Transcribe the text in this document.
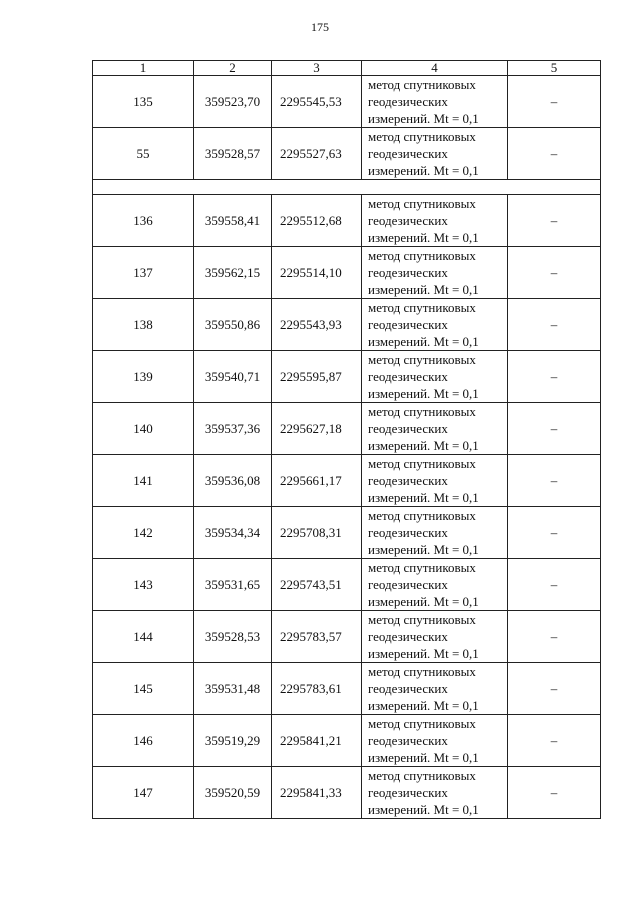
175
1	2	3	4	5
135	359523,70	2295545,53	метод спутниковых
геодезических
измерений. Mt = 0,1	–
55	359528,57	2295527,63	метод спутниковых
геодезических
измерений. Mt = 0,1	–

136	359558,41	2295512,68	метод спутниковых
геодезических
измерений. Mt = 0,1	–
137	359562,15	2295514,10	метод спутниковых
геодезических
измерений. Mt = 0,1	–
138	359550,86	2295543,93	метод спутниковых
геодезических
измерений. Mt = 0,1	–
139	359540,71	2295595,87	метод спутниковых
геодезических
измерений. Mt = 0,1	–
140	359537,36	2295627,18	метод спутниковых
геодезических
измерений. Mt = 0,1	–
141	359536,08	2295661,17	метод спутниковых
геодезических
измерений. Mt = 0,1	–
142	359534,34	2295708,31	метод спутниковых
геодезических
измерений. Mt = 0,1	–
143	359531,65	2295743,51	метод спутниковых
геодезических
измерений. Mt = 0,1	–
144	359528,53	2295783,57	метод спутниковых
геодезических
измерений. Mt = 0,1	–
145	359531,48	2295783,61	метод спутниковых
геодезических
измерений. Mt = 0,1	–
146	359519,29	2295841,21	метод спутниковых
геодезических
измерений. Mt = 0,1	–
147	359520,59	2295841,33	метод спутниковых
геодезических
измерений. Mt = 0,1	–
